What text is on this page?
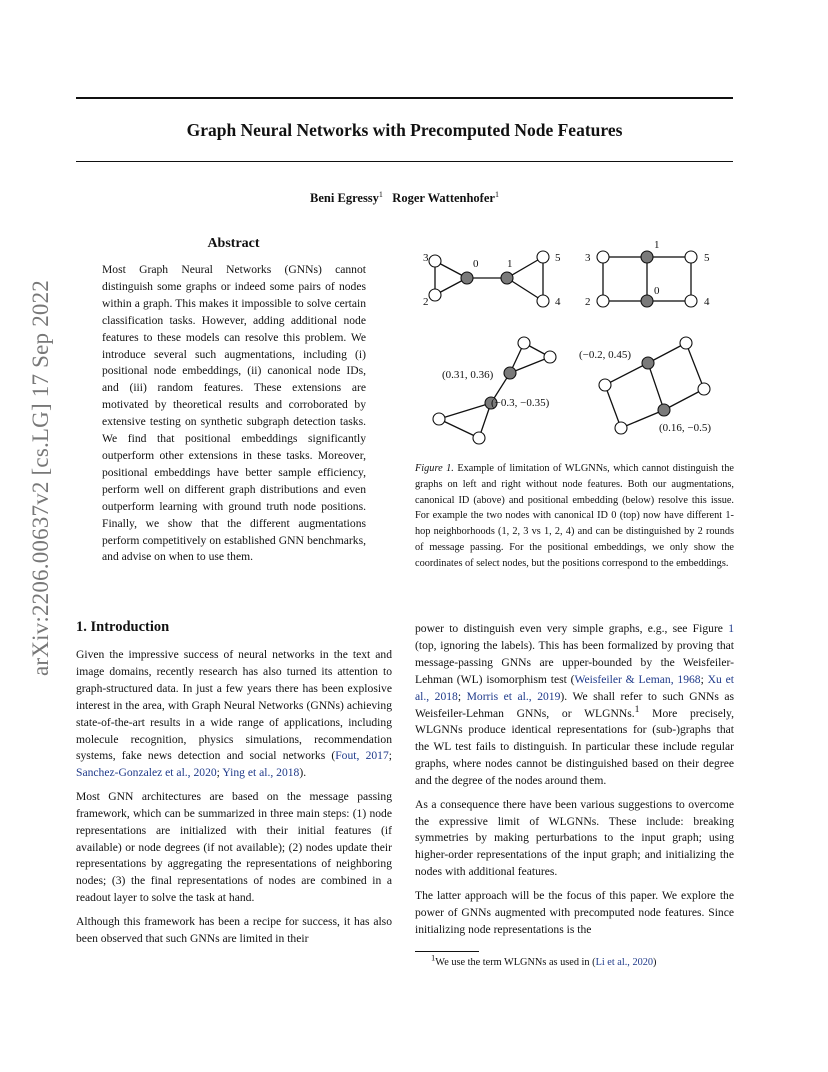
arXiv:2206.00637v2 [cs.LG] 17 Sep 2022
Graph Neural Networks with Precomputed Node Features
Beni Egressy$^1$ Roger Wattenhofer$^1$
Abstract
Most Graph Neural Networks (GNNs) cannot distinguish some graphs or indeed some pairs of nodes within a graph. This makes it impossible to solve certain classification tasks. However, adding additional node features to these models can resolve this problem. We introduce several such augmentations, including (i) positional node embeddings, (ii) canonical node IDs, and (iii) random features. These extensions are motivated by theoretical results and corroborated by extensive testing on synthetic subgraph detection tasks. We find that positional embeddings significantly outperform other extensions in these tasks. Moreover, positional embeddings have better sample efficiency, perform well on different graph distributions and even outperform learning with ground truth node positions. Finally, we show that the different augmentations perform competitively on established GNN benchmarks, and advise on when to use them.
3	0	1	5
2	4
3
1
5
0
2	4
(0.31, 0.36)
(−0.3, −0.35)
(−0.2, 0.45)
(0.16, −0.5)
Figure 1. Example of limitation of WLGNNs, which cannot distinguish the graphs on left and right without node features. Both our augmentations, canonical ID (above) and positional embedding (below) resolve this issue. For example the two nodes with canonical ID 0 (top) now have different 1-hop neighborhoods (1, 2, 3 vs 1, 2, 4) and can be distinguished by 2 rounds of message passing. For the positional embeddings, we only show the coordinates of select nodes, but the positions correspond to the embeddings.
1. Introduction

Given the impressive success of neural networks in the text and image domains, recently research has also turned its attention to graph-structured data. In just a few years there has been explosive interest in the area, with Graph Neural Networks (GNNs) achieving state-of-the-art results in a wide range of applications, including molecule recognition, physics simulations, recommendation systems, fake news detection and social networks (Fout, 2017; Sanchez-Gonzalez et al., 2020; Ying et al., 2018).

Most GNN architectures are based on the message passing framework, which can be summarized in three main steps: (1) node representations are initialized with their initial features (if available) or node degrees (if not available); (2) nodes update their representations by aggregating the representations of neighboring nodes; (3) the final representations of nodes are combined in a readout layer to solve the task at hand.

Although this framework has been a recipe for success, it has also been observed that such GNNs are limited in their

power to distinguish even very simple graphs, e.g., see Figure 1 (top, ignoring the labels). This has been formalized by proving that message-passing GNNs are upper-bounded by the Weisfeiler-Lehman (WL) isomorphism test (Weisfeiler & Leman, 1968; Xu et al., 2018; Morris et al., 2019). We shall refer to such GNNs as Weisfeiler-Lehman GNNs, or WLGNNs.$^1$ More precisely, WLGNNs produce identical representations for (sub-)graphs that the WL test fails to distinguish. In particular these include regular graphs, where nodes cannot be distinguished based on their degree and the degree of the nodes around them.

As a consequence there have been various suggestions to overcome the expressive limit of WLGNNs. These include: breaking symmetries by making perturbations to the input graph; using higher-order representations of the input graph; and initializing the nodes with additional features.

The latter approach will be the focus of this paper. We explore the power of GNNs augmented with precomputed node features. Since initializing node representations is the

$^1$We use the term WLGNNs as used in (Li et al., 2020)
